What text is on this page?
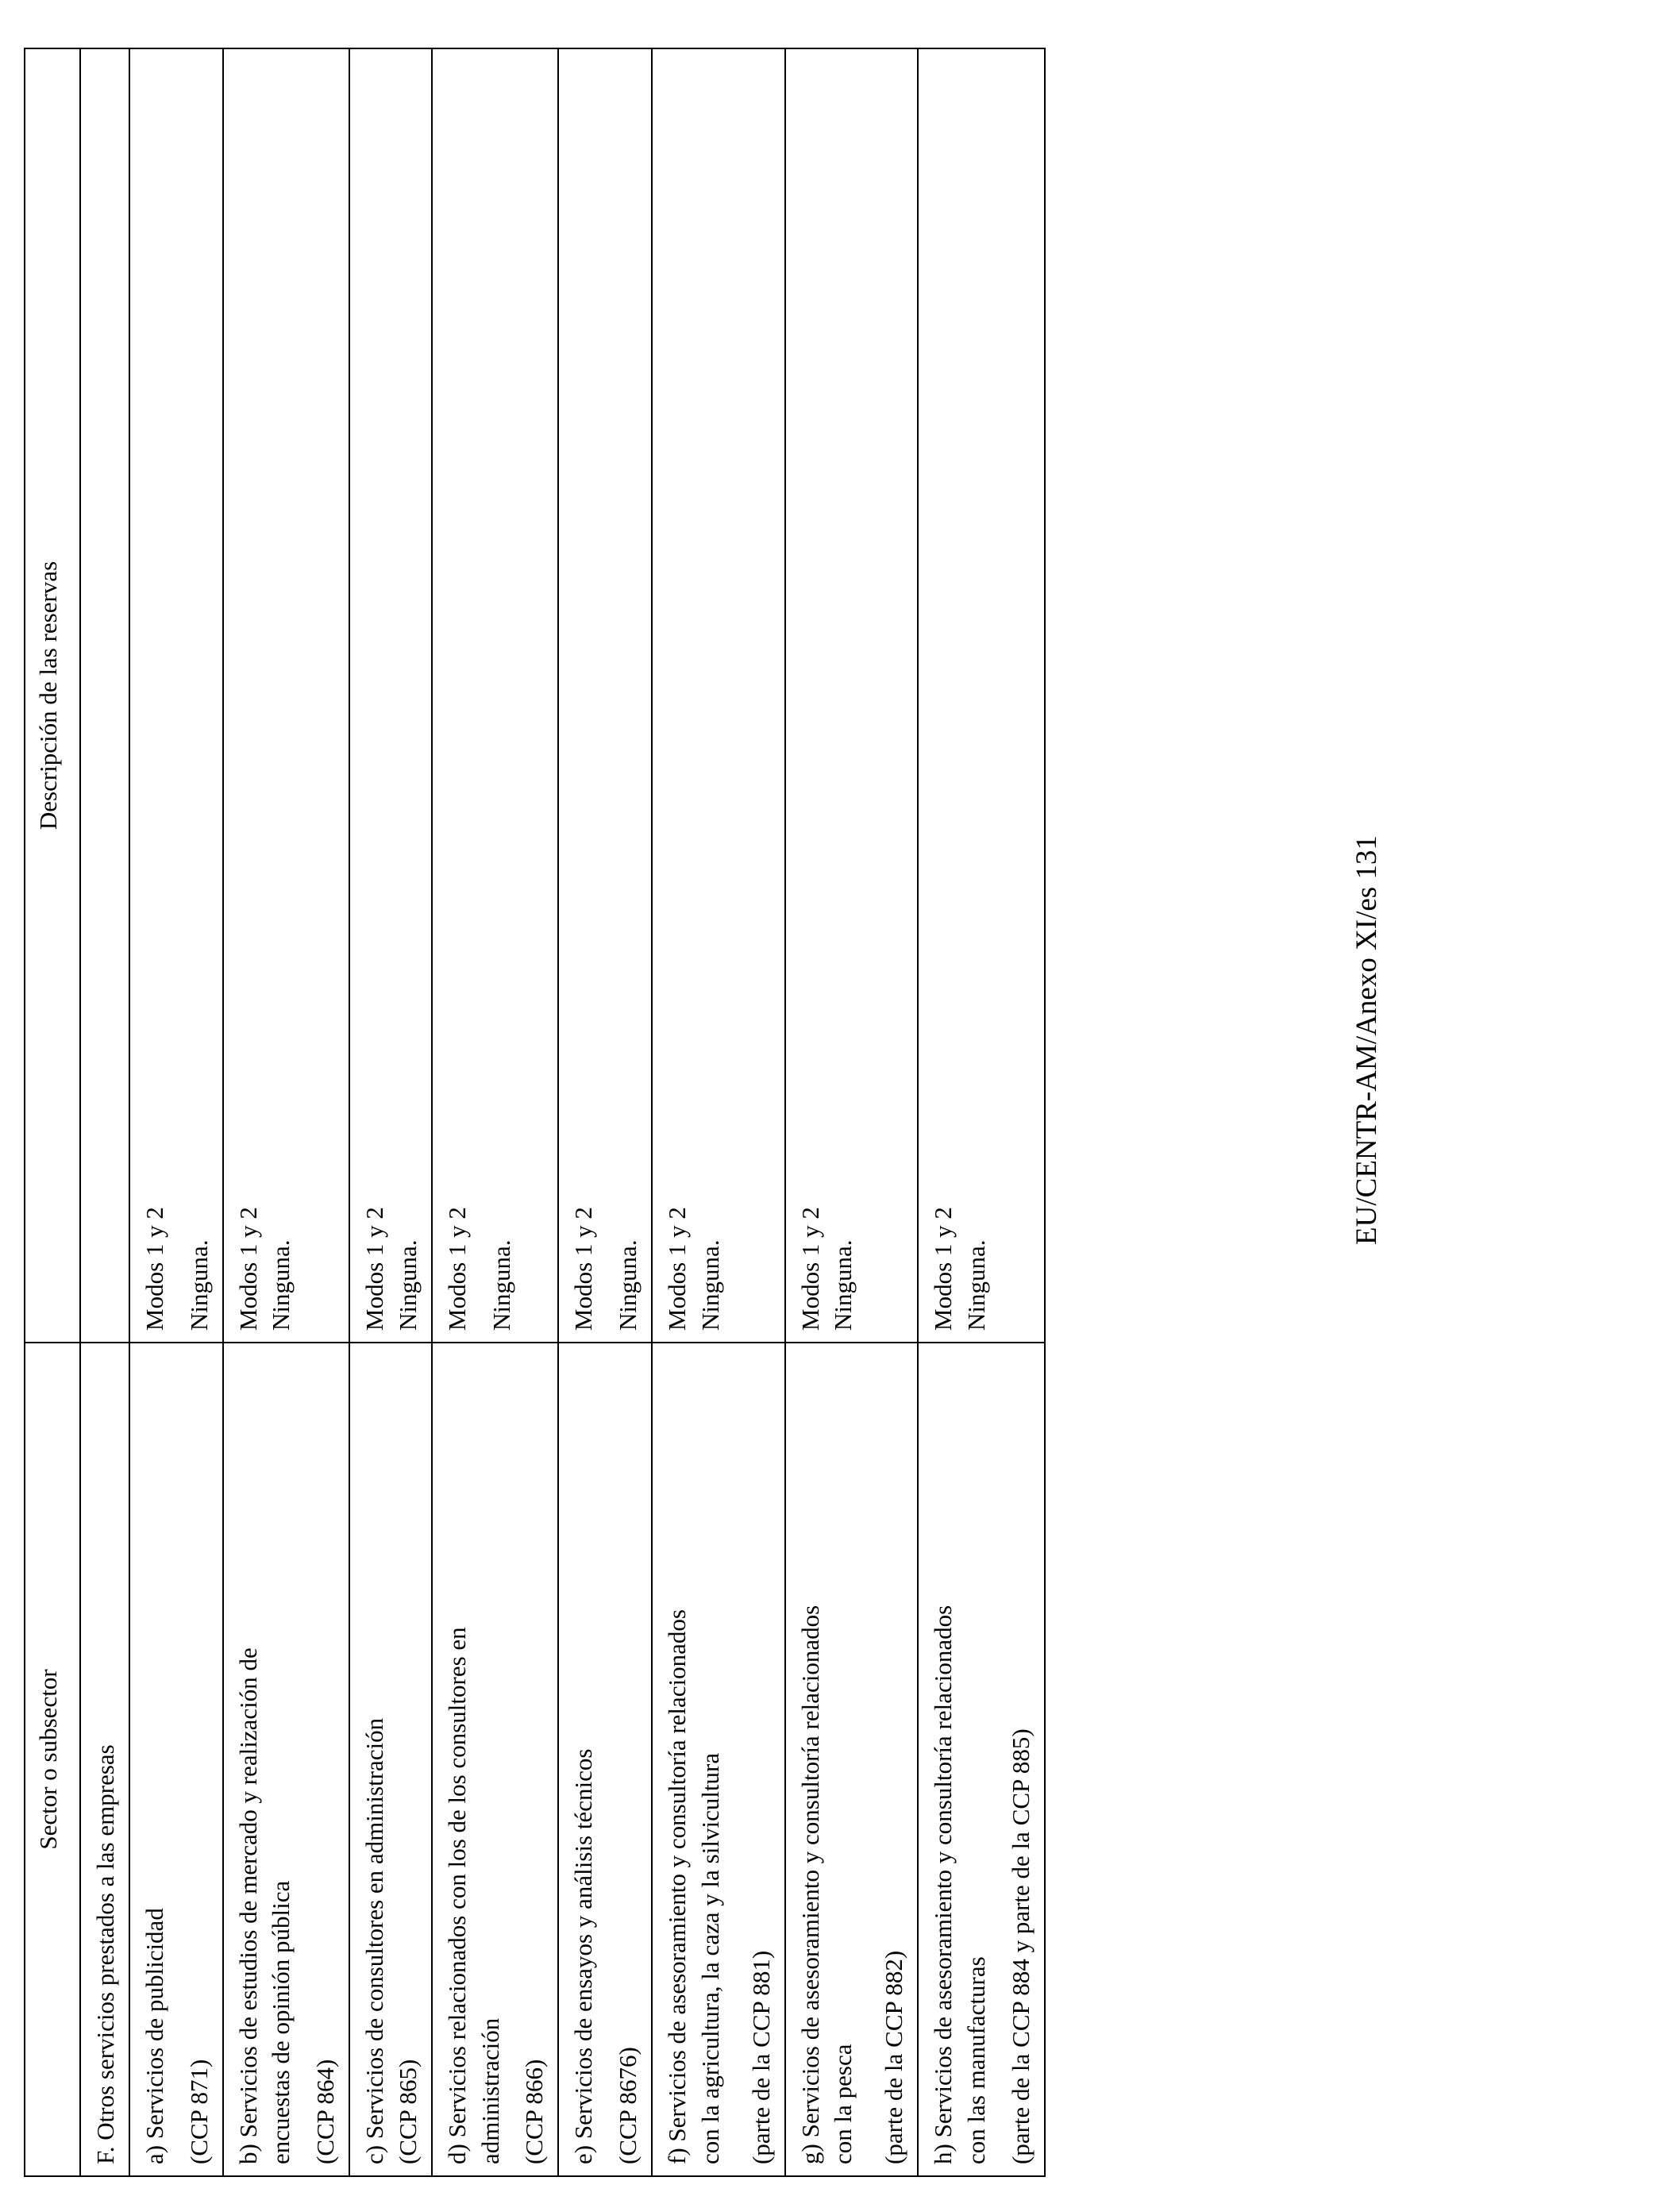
Sector o subsector	Descripción de las reservas
F. Otros servicios prestados a las empresas	

a) Servicios de publicidad (CCP 871)	Modos 1 y 2 Ninguna.

b) Servicios de estudios de mercado y realización de encuestas de opinión pública (CCP 864)	Modos 1 y 2 Ninguna.

c) Servicios de consultores en administración (CCP 865)	Modos 1 y 2 Ninguna.

d) Servicios relacionados con los de los consultores en administración (CCP 866)	Modos 1 y 2 Ninguna.

e) Servicios de ensayos y análisis técnicos (CCP 8676)	Modos 1 y 2 Ninguna.

f) Servicios de asesoramiento y consultoría relacionados con la agricultura, la caza y la silvicultura (parte de la CCP 881)	Modos 1 y 2 Ninguna.

g) Servicios de asesoramiento y consultoría relacionados con la pesca (parte de la CCP 882)	Modos 1 y 2 Ninguna.

h) Servicios de asesoramiento y consultoría relacionados con las manufacturas (parte de la CCP 884 y parte de la CCP 885)	Modos 1 y 2 Ninguna.
EU/CENTR-AM/Anexo XI/es 131
